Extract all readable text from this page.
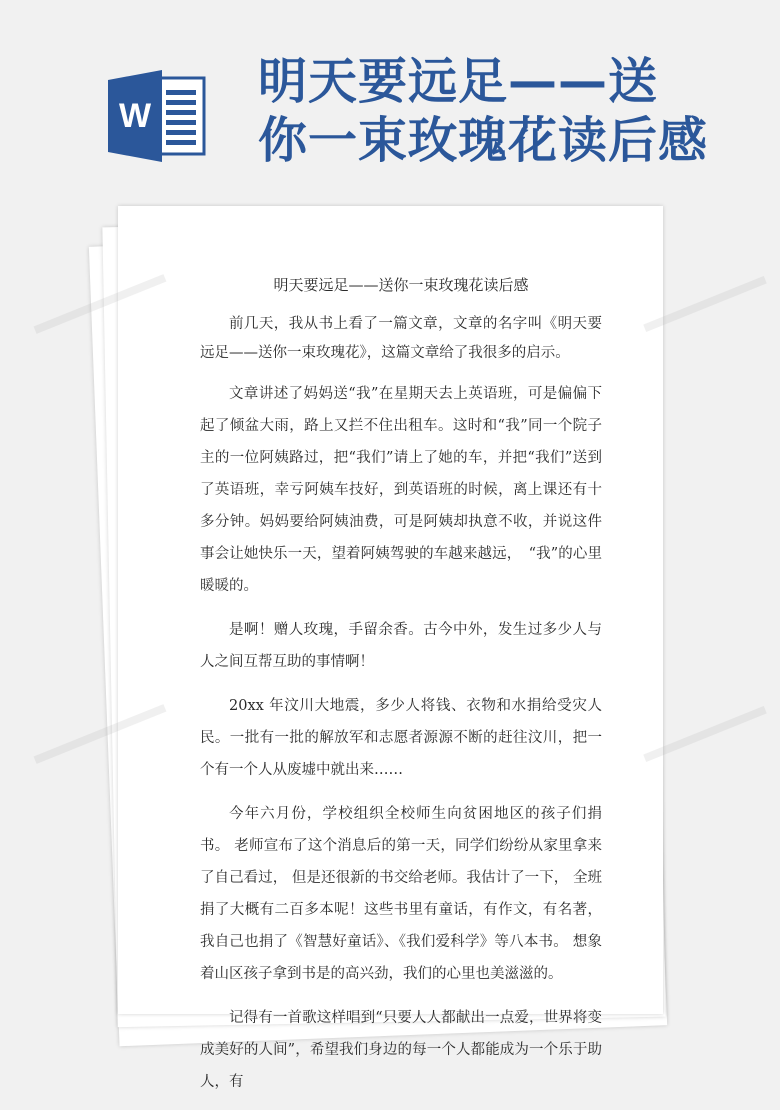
W
明天要远足——送
你一束玫瑰花读后感
明天要远足——送你一束玫瑰花读后感

前几天，我从书上看了一篇文章，文章的名字叫《明天要远足——送你一束玫瑰花》，这篇文章给了我很多的启示。

文章讲述了妈妈送“我”在星期天去上英语班，可是偏偏下起了倾盆大雨，路上又拦不住出租车。这时和“我”同一个院子主的一位阿姨路过，把“我们”请上了她的车，并把“我们”送到了英语班，幸亏阿姨车技好，到英语班的时候，离上课还有十多分钟。妈妈要给阿姨油费，可是阿姨却执意不收，并说这件事会让她快乐一天，望着阿姨驾驶的车越来越远，　“我”的心里暖暖的。

是啊！赠人玫瑰，手留余香。古今中外，发生过多少人与人之间互帮互助的事情啊！

20xx 年汶川大地震，多少人将钱、衣物和水捐给受灾人民。一批有一批的解放军和志愿者源源不断的赶往汶川，把一个有一个人从废墟中就出来……

今年六月份，学校组织全校师生向贫困地区的孩子们捐书。 老师宣布了这个消息后的第一天，同学们纷纷从家里拿来了自己看过， 但是还很新的书交给老师。我估计了一下， 全班捐了大概有二百多本呢！这些书里有童话，有作文，有名著，我自己也捐了《智慧好童话》、《我们爱科学》等八本书。 想象着山区孩子拿到书是的高兴劲，我们的心里也美滋滋的。

记得有一首歌这样唱到“只要人人都献出一点爱，世界将变成美好的人间”，希望我们身边的每一个人都能成为一个乐于助人，有
